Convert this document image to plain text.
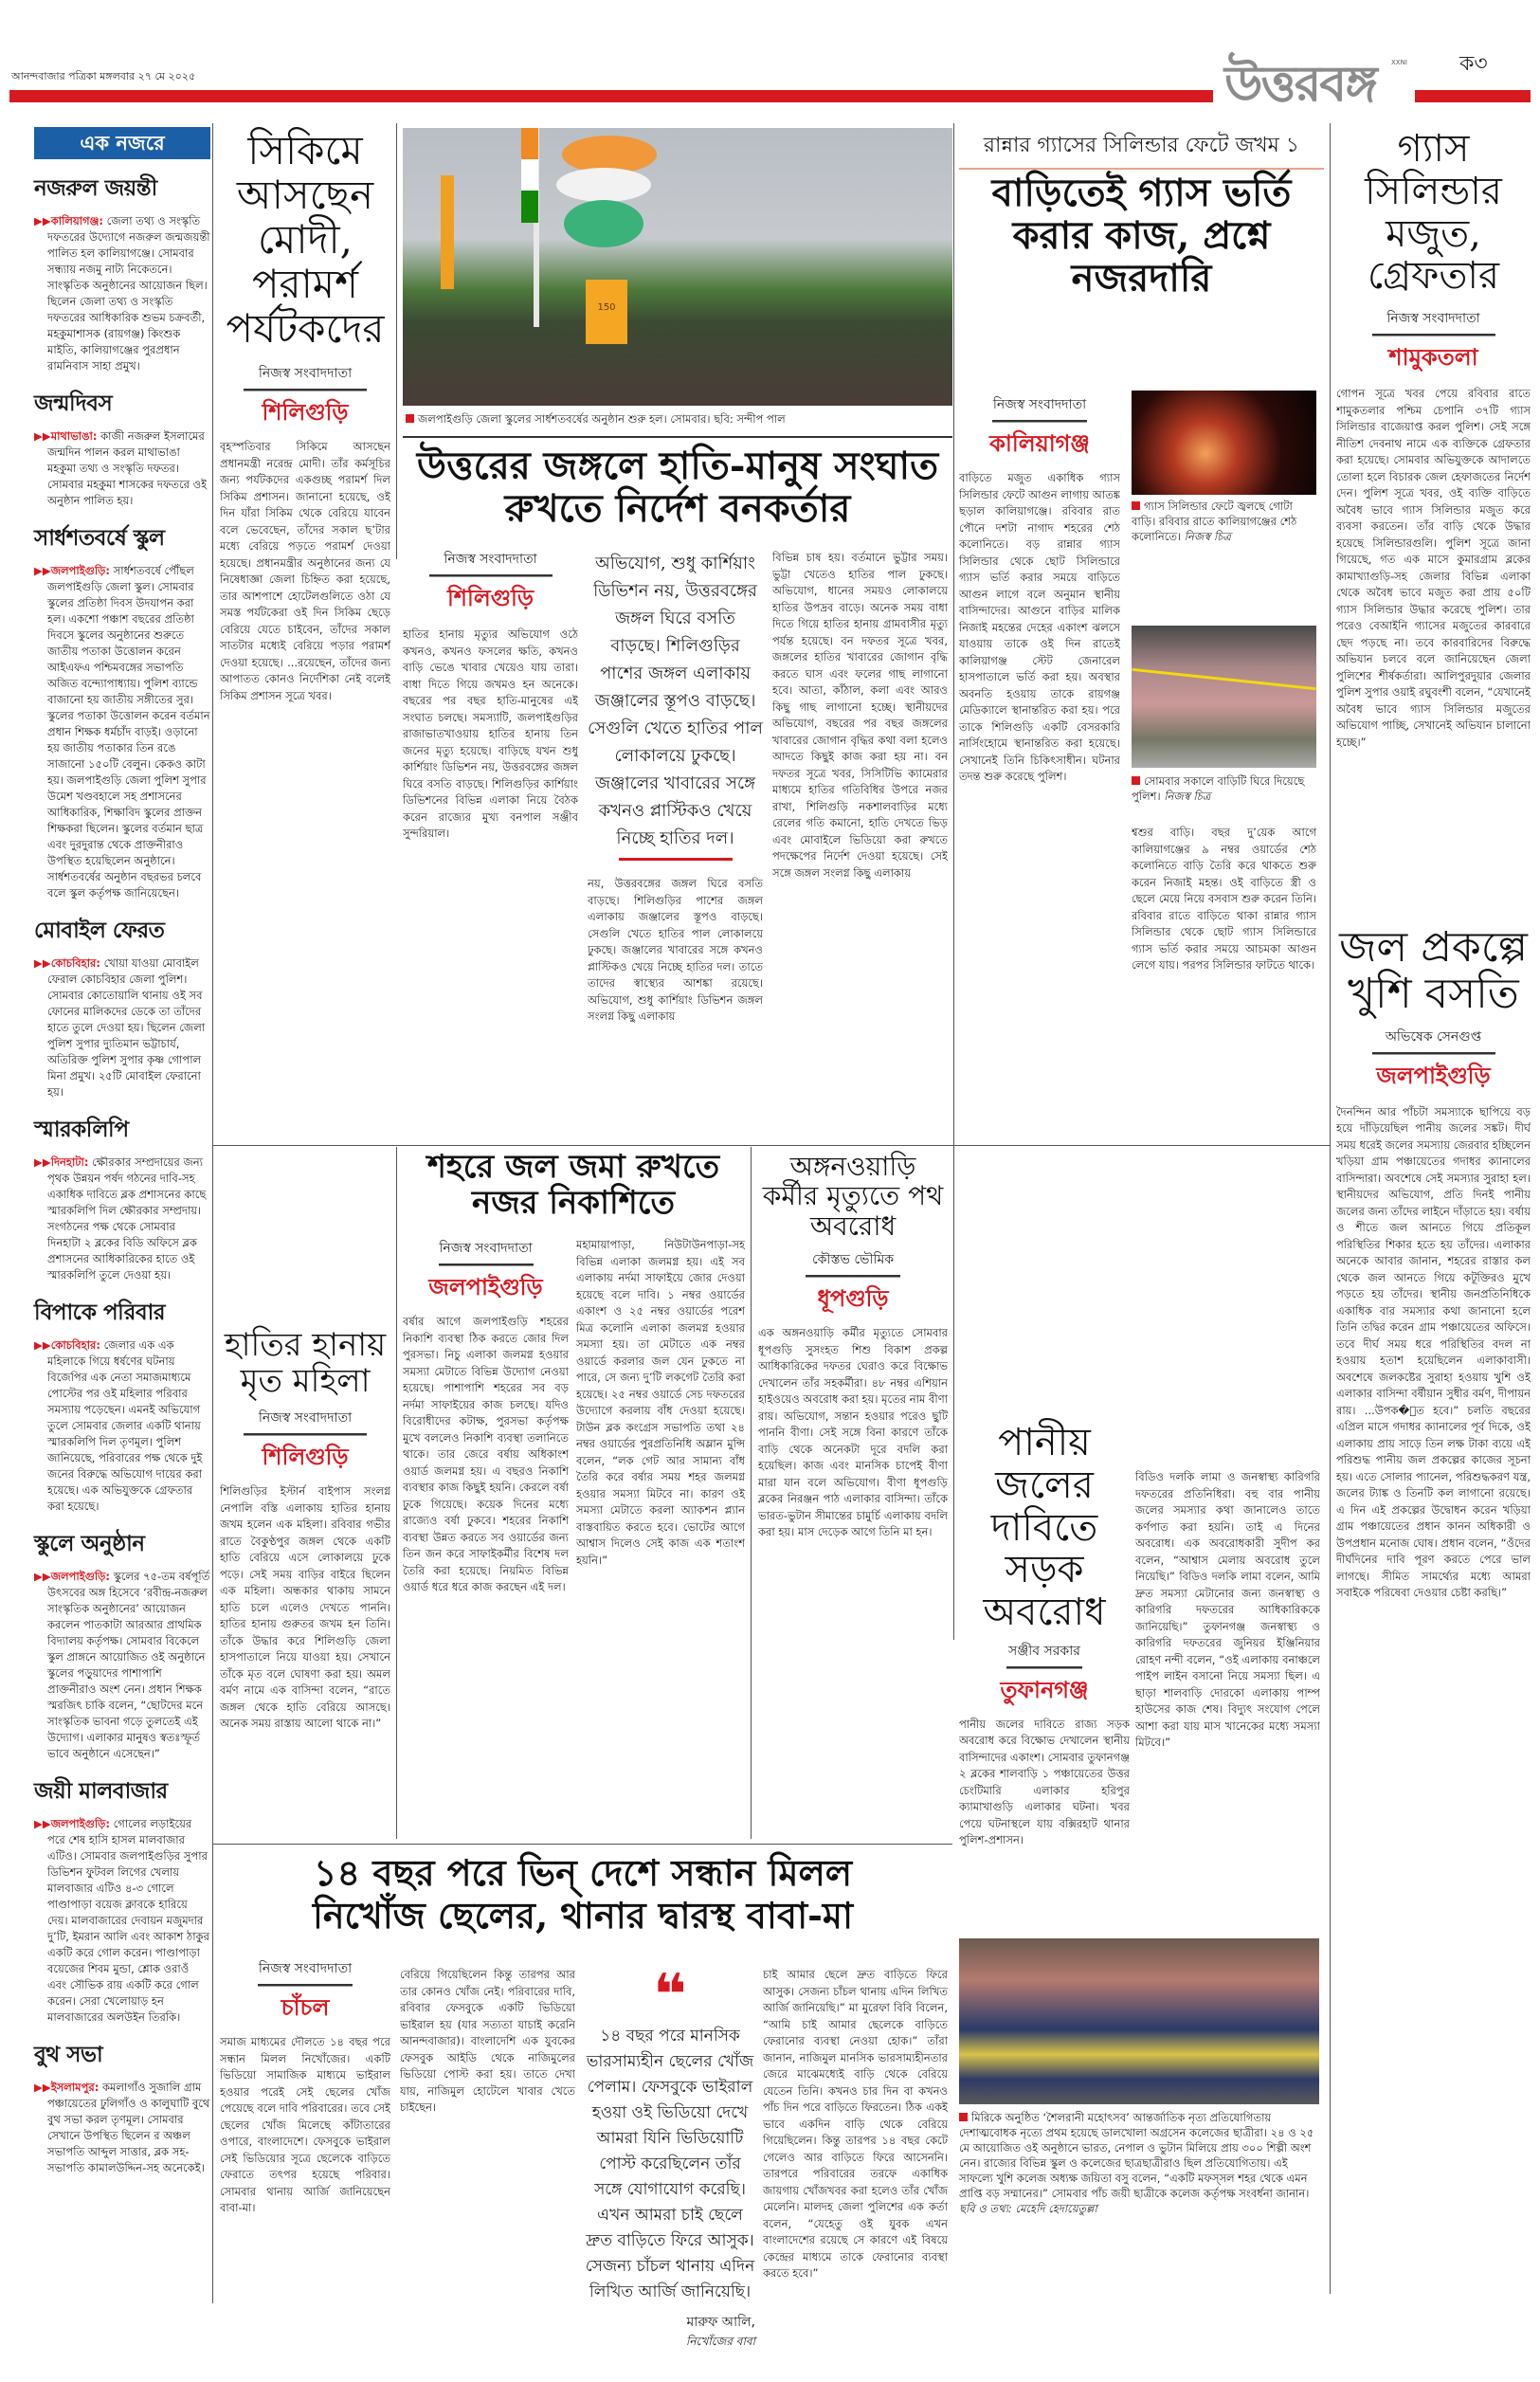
আনন্দবাজার পত্রিকা মঙ্গলবার ২৭ মে ২০২৫	উত্তরবঙ্গ XXNI	ক৩
এক নজরে
নজরুল জয়ন্তী

▶▶কালিয়াগঞ্জ: জেলা তথ্য ও সংস্কৃতি দফতরের উদ্যোগে নজরুল জন্মজয়ন্তী পালিত হল কালিয়াগঞ্জে। সোমবার সন্ধ্যায় নজমু নাট্য নিকেতনে। সাংস্কৃতিক অনুষ্ঠানের আয়োজন ছিল। ছিলেন জেলা তথ্য ও সংস্কৃতি দফতরের আধিকারিক শুভম চক্রবর্তী, মহকুমাশাসক (রায়গঞ্জ) কিংশুক মাইতি, কালিয়াগঞ্জের পুরপ্রধান রামনিবাস সাহা প্রমুখ।

জন্মদিবস

▶▶মাথাভাঙা: কাজী নজরুল ইসলামের জন্মদিন পালন করল মাথাভাঙা মহকুমা তথ্য ও সংস্কৃতি দফতর। সোমবার মহকুমা শাসকের দফতরে ওই অনুষ্ঠান পালিত হয়।

সার্ধশতবর্ষে স্কুল

▶▶জলপাইগুড়ি: সার্ধশতবর্ষে পৌঁছল জলপাইগুড়ি জেলা স্কুল। সোমবার স্কুলের প্রতিষ্ঠা দিবস উদযাপন করা হল। একশো পঞ্চাশ বছরের প্রতিষ্ঠা দিবসে স্কুলের অনুষ্ঠানের শুরুতে জাতীয় পতাকা উত্তোলন করেন আইএফএ পশ্চিমবঙ্গের সভাপতি অজিত বন্দ্যোপাধ্যায়। পুলিশ ব্যান্ডে বাজানো হয় জাতীয় সঙ্গীতের সুর। স্কুলের পতাকা উত্তোলন করেন বর্তমান প্রধান শিক্ষক ধর্মচাঁদ বাড়ই। ওড়ানো হয় জাতীয় পতাকার তিন রঙে সাজানো ১৫০টি বেলুন। কেকও কাটা হয়। জলপাইগুড়ি জেলা পুলিশ সুপার উমেশ খণ্ডবহালে সহ প্রশাসনের আধিকারিক, শিক্ষাবিদ স্কুলের প্রাক্তন শিক্ষকরা ছিলেন। স্কুলের বর্তমান ছাত্র এবং দুরদুরান্ত থেকে প্রাক্তনীরাও উপস্থিত হয়েছিলেন অনুষ্ঠানে। সার্ধশতবর্ষের অনুষ্ঠান বছরভর চলবে বলে স্কুল কর্তৃপক্ষ জানিয়েছেন।

মোবাইল ফেরত

▶▶কোচবিহার: খোয়া যাওয়া মোবাইল ফেরাল কোচবিহার জেলা পুলিশ। সোমবার কোতোয়ালি থানায় ওই সব ফোনের মালিকদের ডেকে তা তাঁদের হাতে তুলে দেওয়া হয়। ছিলেন জেলা পুলিশ সুপার দ্যুতিমান ভট্টাচার্য, অতিরিক্ত পুলিশ সুপার কৃষ্ণ গোপাল মিনা প্রমুখ। ২৫টি মোবাইল ফেরানো হয়।

স্মারকলিপি

▶▶দিনহাটা: ক্ষৌরকার সম্প্রদায়ের জন্য পৃথক উন্নয়ন পর্ষদ গঠনের দাবি-সহ একাধিক দাবিতে ব্লক প্রশাসনের কাছে স্মারকলিপি দিল ক্ষৌরকার সম্প্রদায়। সংগঠনের পক্ষ থেকে সোমবার দিনহাটা ২ ব্লকের বিডি অফিসে ব্লক প্রশাসনের আধিকারিকের হাতে ওই স্মারকলিপি তুলে দেওয়া হয়।

বিপাকে পরিবার

▶▶কোচবিহার: জেলার এক এক মহিলাকে গিয়ে ধর্ষণের ঘটনায় বিজেপির এক নেতা সমাজমাধ্যমে পোস্টের পর ওই মহিলার পরিবার সমস্যায় পড়েছেন। এমনই অভিযোগ তুলে সোমবার জেলার একটি থানায় স্মারকলিপি দিল তৃণমূল। পুলিশ জানিয়েছে, পরিবারের পক্ষ থেকে দুই জনের বিরুদ্ধে অভিযোগ দায়ের করা হয়েছে। এক অভিযুক্তকে গ্রেফতার করা হয়েছে।

স্কুলে অনুষ্ঠান

▶▶জলপাইগুড়ি: স্কুলের ৭৫-তম বর্ষপূর্তি উৎসবের অঙ্গ হিসেবে ‘রবীন্দ্র-নজরুল সাংস্কৃতিক অনুষ্ঠানের’ আয়োজন করলেন পাতকাটা আরআর প্রাথমিক বিদ্যালয় কর্তৃপক্ষ। সোমবার বিকেলে স্কুল প্রাঙ্গনে আয়োজিত ওই অনুষ্ঠানে স্কুলের পড়ুয়াদের পাশাপাশি প্রাক্তনীরাও অংশ নেন। প্রধান শিক্ষক স্মরজিৎ চাকি বলেন, “ছোটদের মনে সাংস্কৃতিক ভাবনা গড়ে তুলতেই এই উদ্যোগ। এলাকার মানুষও স্বতঃস্ফূর্ত ভাবে অনুষ্ঠানে এসেছেন।”

জয়ী মালবাজার

▶▶জলপাইগুড়ি: গোলের লড়াইয়ের পরে শেষ হাসি হাসল মালবাজার এটিও। সোমবার জলপাইগুড়ির সুপার ডিভিশন ফুটবল লিগের খেলায় মালবাজার এটিও ৪-৩ গোলে পাণ্ডাপাড়া বয়েজ ক্লাবকে হারিয়ে দেয়। মালবাজারের দেবায়ন মজুমদার দু’টি, ইমরান আলি এবং আকাশ ঠাকুর একটি করে গোল করেন। পাণ্ডাপাড়া বয়েজের শিবম মুন্ডা, শ্লোক ওরাওঁ এবং সৌভিক রায় একটি করে গোল করেন। সেরা খেলোয়াড় হন মালবাজারের অলউইন তিরকি।

বুথ সভা

▶▶ইসলামপুর: কমলাগাঁও সুজালি গ্রাম পঞ্চায়েতের ঢুলিগাঁও ও কালুঘাটি বুথে বুথ সভা করল তৃণমূল। সোমবার সেখানে উপস্থিত ছিলেন র অঞ্চল সভাপতি আব্দুল সাত্তার, ব্লক সহ-সভাপতি কামালউদ্দিন-সহ অনেকেই।

সিকিমে আসছেন মোদী, পরামর্শ পর্যটকদের
নিজস্ব সংবাদদাতা
শিলিগুড়ি
বৃহস্পতিবার সিকিমে আসছেন প্রধানমন্ত্রী নরেন্দ্র মোদী। তাঁর কর্মসূচির জন্য পর্যটকদের একগুচ্ছ পরামর্শ দিল সিকিম প্রশাসন। জানানো হয়েছে, ওই দিন যাঁরা সিকিম থেকে বেরিয়ে যাবেন বলে ভেবেছেন, তাঁদের সকাল ছ’টার মধ্যে বেরিয়ে পড়তে পরামর্শ দেওয়া হয়েছে। প্রধানমন্ত্রীর অনুষ্ঠানের জন্য যে নিষেধাজ্ঞা জেলা চিহ্নিত করা হয়েছে, তার আশপাশে হোটেলগুলিতে ওঠা যে সমস্ত পর্যটকেরা ওই দিন সিকিম ছেড়ে বেরিয়ে যেতে চাইবেন, তাঁদের সকাল সাতটার মধ্যেই বেরিয়ে পড়ার পরামর্শ দেওয়া হয়েছে। ...রয়েছেন, তাঁদের জন্য আপাতত কোনও নির্দেশিকা নেই বলেই সিকিম প্রশাসন সূত্রে খবর।
150
জলপাইগুড়ি জেলা স্কুলের সার্ধশতবর্ষের অনুষ্ঠান শুরু হল। সোমবার। ছবি: সন্দীপ পাল
উত্তরের জঙ্গলে হাতি-মানুষ সংঘাত রুখতে নির্দেশ বনকর্তার
নিজস্ব সংবাদদাতা
শিলিগুড়ি
হাতির হানায় মৃত্যুর অভিযোগ ওঠে কখনও, কখনও ফসলের ক্ষতি, কখনও বাড়ি ভেঙে খাবার খেয়েও যায় তারা। বাধা দিতে গিয়ে জখমও হন অনেকে। বছরের পর বছর হাতি-মানুষের এই সংঘাত চলছে। সমস্যাটি, জলপাইগুড়ির রাজাভাতখাওয়ায় হাতির হানায় তিন জনের মৃত্যু হয়েছে। বাড়িছে যখন শুধু কার্শিয়াং ডিভিশন নয়, উত্তরবঙ্গের জঙ্গল ঘিরে বসতি বাড়ছে। শিলিগুড়ির কার্শিয়াং ডিভিশনের বিভিন্ন এলাকা নিয়ে বৈঠক করেন রাজ্যের মুখ্য বনপাল সঞ্জীব সুন্দরিয়াল।
অভিযোগ, শুধু কার্শিয়াং ডিভিশন নয়, উত্তরবঙ্গের জঙ্গল ঘিরে বসতি বাড়ছে। শিলিগুড়ির পাশের জঙ্গল এলাকায় জঞ্জালের স্তূপও বাড়ছে। সেগুলি খেতে হাতির পাল লোকালয়ে ঢুকছে। জঞ্জালের খাবারের সঙ্গে কখনও প্লাস্টিকও খেয়ে নিচ্ছে হাতির দল।
নয়, উত্তরবঙ্গের জঙ্গল ঘিরে বসতি বাড়ছে। শিলিগুড়ির পাশের জঙ্গল এলাকায় জঞ্জালের স্তূপও বাড়ছে। সেগুলি খেতে হাতির পাল লোকালয়ে ঢুকছে। জঞ্জালের খাবারের সঙ্গে কখনও প্লাস্টিকও খেয়ে নিচ্ছে হাতির দল। তাতে তাদের স্বাস্থ্যের আশঙ্কা রয়েছে। অভিযোগ, শুধু কার্শিয়াং ডিভিশন জঙ্গল সংলগ্ন কিছু এলাকায়
বিভিন্ন চাষ হয়। বর্তমানে ভুট্টার সময়। ভুট্টা খেতেও হাতির পাল ঢুকছে। অভিযোগ, ধানের সময়ও লোকালয়ে হাতির উপদ্রব বাড়ে। অনেক সময় বাধা দিতে গিয়ে হাতির হানায় গ্রামবাসীর মৃত্যু পর্যন্ত হয়েছে। বন দফতর সূত্রে খবর, জঙ্গলের হাতির খাবারের জোগান বৃদ্ধি করতে ঘাস এবং ফলের গাছ লাগানো হবে। আতা, কাঁঠাল, কলা এবং আরও কিছু গাছ লাগানো হচ্ছে। স্থানীয়দের অভিযোগ, বছরের পর বছর জঙ্গলের খাবারের জোগান বৃদ্ধির কথা বলা হলেও আদতে কিছুই কাজ করা হয় না। বন দফতর সূত্রে খবর, সিসিটিভি ক্যামেরার মাধ্যমে হাতির গতিবিধির উপরে নজর রাখা, শিলিগুড়ি নকশালবাড়ির মধ্যে রেলের গতি কমানো, হাতি দেখতে ভিড় এবং মোবাইলে ভিডিয়ো করা রুখতে পদক্ষেপের নির্দেশ দেওয়া হয়েছে। সেই সঙ্গে জঙ্গল সংলগ্ন কিছু এলাকায়
রান্নার গ্যাসের সিলিন্ডার ফেটে জখম ১
বাড়িতেই গ্যাস ভর্তি করার কাজ, প্রশ্নে নজরদারি
নিজস্ব সংবাদদাতা
কালিয়াগঞ্জ
বাড়িতে মজুত একাধিক গ্যাস সিলিন্ডার ফেটে আগুন লাগায় আতঙ্ক ছড়াল কালিয়াগঞ্জে। রবিবার রাত পৌনে দশটা নাগাদ শহরের শেঠ কলোনিতে। বড় রান্নার গ্যাস সিলিন্ডার থেকে ছোট সিলিন্ডারে গ্যাস ভর্তি করার সময়ে বাড়িতে আগুন লাগে বলে অনুমান স্থানীয় বাসিন্দাদের। আগুনে বাড়ির মালিক নিজাই মহন্তের দেহের একাংশ ঝলসে যাওয়ায় তাকে ওই দিন রাতেই কালিয়াগঞ্জ স্টেট জেনারেল হাসপাতালে ভর্তি করা হয়। অবস্থার অবনতি হওয়ায় তাকে রায়গঞ্জ মেডিক্যালে স্থানান্তরিত করা হয়। পরে তাকে শিলিগুড়ি একটি বেসরকারি নার্সিংহোমে স্থানান্তরিত করা হয়েছে। সেখানেই তিনি চিকিৎসাধীন। ঘটনার তদন্ত শুরু করেছে পুলিশ।
গ্যাস সিলিন্ডার ফেটে জ্বলছে গোটা বাড়ি। রবিবার রাতে কালিয়াগঞ্জের শেঠ কলোনিতে। নিজস্ব চিত্র
সোমবার সকালে বাড়িটি ঘিরে দিয়েছে পুলিশ। নিজস্ব চিত্র
শ্বশুর বাড়ি। বছর দু’য়েক আগে কালিয়াগঞ্জের ৯ নম্বর ওয়ার্ডের শেঠ কলোনিতে বাড়ি তৈরি করে থাকতে শুরু করেন নিজাই মহন্ত। ওই বাড়িতে স্ত্রী ও ছেলে মেয়ে নিয়ে বসবাস শুরু করেন তিনি। রবিবার রাতে বাড়িতে থাকা রান্নার গ্যাস সিলিন্ডার থেকে ছোট গ্যাস সিলিন্ডারে গ্যাস ভর্তি করার সময়ে আচমকা আগুন লেগে যায়। পরপর সিলিন্ডার ফাটতে থাকে।
গ্যাস সিলিন্ডার মজুত, গ্রেফতার
নিজস্ব সংবাদদাতা
শামুকতলা
গোপন সূত্রে খবর পেয়ে রবিবার রাতে শামুকতলার পশ্চিম চেপানি ৩৭টি গ্যাস সিলিন্ডার বাজেয়াপ্ত করল পুলিশ। সেই সঙ্গে নীতিশ দেবনাথ নামে এক ব্যক্তিকে গ্রেফতার করা হয়েছে। সোমবার অভিযুক্তকে আদালতে তোলা হলে বিচারক জেল হেফাজতের নির্দেশ দেন। পুলিশ সূত্রে খবর, ওই ব্যক্তি বাড়িতে অবৈধ ভাবে গ্যাস সিলিন্ডার মজুত করে ব্যবসা করতেন। তাঁর বাড়ি থেকে উদ্ধার হয়েছে সিলিন্ডারগুলি। পুলিশ সূত্রে জানা গিয়েছে, গত এক মাসে কুমারগ্রাম ব্লকের কামাখ্যাগুড়ি-সহ জেলার বিভিন্ন এলাকা থেকে অবৈধ ভাবে মজুত করা প্রায় ৫০টি গ্যাস সিলিন্ডার উদ্ধার করেছে পুলিশ। তার পরেও বেআইনি গ্যাসের মজুতের কারবারে ছেদ পড়ছে না। তবে কারবারিদের বিরুদ্ধে অভিযান চলবে বলে জানিয়েছেন জেলা পুলিশের শীর্ষকর্তারা। আলিপুরদুয়ার জেলার পুলিশ সুপার ওয়াই রঘুবংশী বলেন, “যেখানেই অবৈধ ভাবে গ্যাস সিলিন্ডার মজুতের অভিযোগ পাচ্ছি, সেখানেই অভিযান চালানো হচ্ছে।”
জল প্রকল্পে খুশি বসতি
অভিষেক সেনগুপ্ত
জলপাইগুড়ি
দৈনন্দিন আর পাঁচটা সমস্যাকে ছাপিয়ে বড় হয়ে দাঁড়িয়েছিল পানীয় জলের সঙ্কট। দীর্ঘ সময় ধরেই জলের সমস্যায় জেরবার হচ্ছিলেন খড়িয়া গ্রাম পঞ্চায়েতের গদাধর ক্যানালের বাসিন্দারা। অবশেষে সেই সমস্যার সুরাহা হল। স্থানীয়দের অভিযোগ, প্রতি দিনই পানীয় জলের জন্য তাঁদের লাইনে দাঁড়াতে হয়। বর্ষায় ও শীতে জল আনতে গিয়ে প্রতিকূল পরিস্থিতির শিকার হতে হয় তাঁদের। এলাকার অনেকে আবার জানান, শহরের রাস্তার কল থেকে জল আনতে গিয়ে কটূক্তিরও মুখে পড়তে হয় তাঁদের। স্থানীয় জনপ্রতিনিধিকে একাধিক বার সমস্যার কথা জানানো হলে তিনি তদ্বির করেন গ্রাম পঞ্চায়েতের অফিসে। তবে দীর্ঘ সময় ধরে পরিস্থিতির বদল না হওয়ায় হতাশ হয়েছিলেন এলাকাবাসী। অবশেষে জলকষ্টের সুরাহা হওয়ায় খুশি ওই এলাকার বাসিন্দা বর্ষীয়ান সুধীর বর্মণ, দীপায়ন রায়। ...উপক�ৃত হবে।” চলতি বছরের এপ্রিল মাসে গদাধর ক্যানালের পূর্ব দিকে, ওই এলাকায় প্রায় সাড়ে তিন লক্ষ টাকা ব্যয়ে এই পরিশুদ্ধ পানীয় জল প্রকল্পের কাজের সূচনা হয়। এতে সোলার প্যানেল, পরিশুদ্ধকরণ যন্ত্র, জলের ট্যাঙ্ক ও তিনটি কল লাগানো রয়েছে। এ দিন এই প্রকল্পের উদ্বোধন করেন খড়িয়া গ্রাম পঞ্চায়েতের প্রধান কানন অধিকারী ও উপপ্রধান মনোজ ঘোষ। প্রধান বলেন, “ওঁদের দীর্ঘদিনের দাবি পূরণ করতে পেরে ভাল লাগছে। সীমিত সামর্থ্যের মধ্যে আমরা সবাইকে পরিষেবা দেওয়ার চেষ্টা করছি।”
হাতির হানায় মৃত মহিলা
নিজস্ব সংবাদদাতা
শিলিগুড়ি
শিলিগুড়ির ইস্টার্ন বাইপাস সংলগ্ন নেপালি বস্তি এলাকায় হাতির হানায় জখম হলেন এক মহিলা। রবিবার গভীর রাতে বৈকুণ্ঠপুর জঙ্গল থেকে একটি হাতি বেরিয়ে এসে লোকালয়ে ঢুকে পড়ে। সেই সময় বাড়ির বাইরে ছিলেন এক মহিলা। অন্ধকার থাকায় সামনে হাতি চলে এলেও দেখতে পাননি। হাতির হানায় গুরুতর জখম হন তিনি। তাঁকে উদ্ধার করে শিলিগুড়ি জেলা হাসপাতালে নিয়ে যাওয়া হয়। সেখানে তাঁকে মৃত বলে ঘোষণা করা হয়। অমল বর্মণ নামে এক বাসিন্দা বলেন, “রাতে জঙ্গল থেকে হাতি বেরিয়ে আসছে। অনেক সময় রাস্তায় আলো থাকে না।”
শহরে জল জমা রুখতে নজর নিকাশিতে
নিজস্ব সংবাদদাতা
জলপাইগুড়ি
বর্ষার আগে জলপাইগুড়ি শহরের নিকাশি ব্যবস্থা ঠিক করতে জোর দিল পুরসভা। নিচু এলাকা জলমগ্ন হওয়ার সমস্যা মেটাতে বিভিন্ন উদ্যোগ নেওয়া হয়েছে। পাশাপাশি শহরের সব বড় নর্দমা সাফাইয়ের কাজ চলছে। যদিও বিরোধীদের কটাক্ষ, পুরসভা কর্তৃপক্ষ মুখে বললেও নিকাশি ব্যবস্থা তলানিতে থাকে। তার জেরে বর্ষায় অধিকাংশ ওয়ার্ড জলমগ্ন হয়। এ বছরও নিকাশি ব্যবস্থার কাজ কিছুই হয়নি। কেরলে বর্ষা ঢুকে গিয়েছে। কয়েক দিনের মধ্যে রাজ্যেও বর্ষা ঢুকবে। শহরের নিকাশি ব্যবস্থা উন্নত করতে সব ওয়ার্ডের জন্য তিন জন করে সাফাইকর্মীর বিশেষ দল তৈরি করা হয়েছে। নিয়মিত বিভিন্ন ওয়ার্ড ধরে ধরে কাজ করছেন এই দল।
মহামায়াপাড়া, নিউটাউনপাড়া-সহ বিভিন্ন এলাকা জলমগ্ন হয়। এই সব এলাকায় নর্দমা সাফাইয়ে জোর দেওয়া হয়েছে বলে দাবি। ১ নম্বর ওয়ার্ডের একাংশ ও ২৫ নম্বর ওয়ার্ডের পরেশ মিত্র কলোনি এলাকা জলমগ্ন হওয়ার সমস্যা হয়। তা মেটাতে এক নম্বর ওয়ার্ডে করলার জল যেন ঢুকতে না পারে, সে জন্য দু’টি লকগেট তৈরি করা হয়েছে। ২৫ নম্বর ওয়ার্ডে সেচ দফতরের উদ্যোগে করলায় বাঁধ দেওয়া হয়েছে। টাউন ব্লক কংগ্রেস সভাপতি তথা ২৪ নম্বর ওয়ার্ডের পুরপ্রতিনিধি অম্লান মুন্সি বলেন, “লক গেট আর সামান্য বাঁধ তৈরি করে বর্ষার সময় শহর জলমগ্ন হওয়ার সমস্যা মিটবে না। কারণ ওই সমস্যা মেটাতে করলা অ্যাকশন প্ল্যান বাস্তবায়িত করতে হবে। ভোটের আগে আশ্বাস দিলেও সেই কাজ এক শতাংশ হয়নি।”
অঙ্গনওয়াড়ি কর্মীর মৃত্যুতে পথ অবরোধ
কৌস্তভ ভৌমিক
ধূপগুড়ি
এক অঙ্গনওয়াড়ি কর্মীর মৃত্যুতে সোমবার ধূপগুড়ি সুসংহত শিশু বিকাশ প্রকল্প আধিকারিকের দফতর ঘেরাও করে বিক্ষোভ দেখালেন তাঁর সহকর্মীরা। ৪৮ নম্বর এশিয়ান হাইওয়েও অবরোধ করা হয়। মৃতের নাম বীণা রায়। অভিযোগ, সন্তান হওয়ার পরেও ছুটি পাননি বীণা। সেই সঙ্গে বিনা কারণে তাঁকে বাড়ি থেকে অনেকটা দূরে বদলি করা হয়েছিল। কাজ এবং মানসিক চাপেই বীণা মারা যান বলে অভিযোগ। বীণা ধূপগুড়ি ব্লকের নিরঞ্জন পাঠ এলাকার বাসিন্দা। তাঁকে ভারত-ভুটান সীমান্তের চামুর্চি এলাকায় বদলি করা হয়। মাস দেড়েক আগে তিনি মা হন।
পানীয় জলের দাবিতে সড়ক অবরোধ
সঞ্জীব সরকার
তুফানগঞ্জ
পানীয় জলের দাবিতে রাজ্য সড়ক অবরোধ করে বিক্ষোভ দেখালেন স্থানীয় বাসিন্দাদের একাংশ। সোমবার তুফানগঞ্জ ২ ব্লকের শালবাড়ি ১ পঞ্চায়েতের উত্তর চেংটিমারি এলাকার হরিপুর ক্যামাখাগুড়ি এলাকার ঘটনা। খবর পেয়ে ঘটনাস্থলে যায় বক্সিরহাট থানার পুলিশ-প্রশাসন।
বিডিও দলকি লামা ও জনস্বাস্থ্য কারিগরি দফতরের প্রতিনিধিরা। বহু বার পানীয় জলের সমস্যার কথা জানালেও তাতে কর্ণপাত করা হয়নি। তাই এ দিনের অবরোধ। এক অবরোধকারী সুদীপ কর বলেন, “আশ্বাস মেলায় অবরোধ তুলে নিয়েছি।” বিডিও দলকি লামা বলেন, আমি দ্রুত সমস্যা মেটানোর জন্য জনস্বাস্থ্য ও কারিগরি দফতরের আধিকারিককে জানিয়েছি।” তুফানগঞ্জ জনস্বাস্থ্য ও কারিগরি দফতরের জুনিয়র ইঞ্জিনিয়ার রোহণ নন্দী বলেন, “ওই এলাকায় বনাঞ্চলে পাইপ লাইন বসানো নিয়ে সমস্যা ছিল। এ ছাড়া শালবাড়ি দোরকো এলাকায় পাম্প হাউসের কাজ শেষ। বিদ্যুৎ সংযোগ পেলে আশা করা যায় মাস খানেকের মধ্যে সমস্যা মিটবে।”
১৪ বছর পরে ভিন্ দেশে সন্ধান মিলল
নিখোঁজ ছেলের, থানার দ্বারস্থ বাবা-মা
নিজস্ব সংবাদদাতা
চাঁচল
সমাজ মাধ্যমের দৌলতে ১৪ বছর পরে সন্ধান মিলল নিখোঁজের। একটি ভিডিয়ো সামাজিক মাধ্যমে ভাইরাল হওয়ার পরেই সেই ছেলের খোঁজ পেয়েছে বলে দাবি পরিবারের। তবে সেই ছেলের খোঁজ মিলেছে কাঁটাতারের ওপারে, বাংলাদেশে। ফেসবুকে ভাইরাল সেই ভিডিয়োর সূত্রে ছেলেকে বাড়িতে ফেরাতে তৎপর হয়েছে পরিবার। সোমবার থানায় আর্জি জানিয়েছেন বাবা-মা।
বেরিয়ে গিয়েছিলেন কিন্তু তারপর আর তার কোনও খোঁজ নেই। পরিবারের দাবি, রবিবার ফেসবুকে একটি ভিডিয়ো ভাইরাল হয় (যার সত্যতা যাচাই করেনি আনন্দবাজার)। বাংলাদেশি এক যুবকের ফেসবুক আইডি থেকে নাজিমুলের ভিডিয়ো পোস্ট করা হয়। তাতে দেখা যায়, নাজিমুল হোটেলে খাবার খেতে চাইছেন।
❝
১৪ বছর পরে মানসিক ভারসাম্যহীন ছেলের খোঁজ পেলাম। ফেসবুকে ভাইরাল হওয়া ওই ভিডিয়ো দেখে আমরা যিনি ভিডিয়োটি পোস্ট করেছিলেন তাঁর সঙ্গে যোগাযোগ করেছি। এখন আমরা চাই ছেলে দ্রুত বাড়িতে ফিরে আসুক। সেজন্য চাঁচল থানায় এদিন লিখিত আর্জি জানিয়েছি।
মারুফ আলি,
নিখোঁজের বাবা
চাই আমার ছেলে দ্রুত বাড়িতে ফিরে আসুক। সেজন্য চাঁচল থানায় এদিন লিখিত আর্জি জানিয়েছি।” মা মুরেফা বিবি বিলেন, “আমি চাই আমার ছেলেকে বাড়িতে ফেরানোর ব্যবস্থা নেওয়া হোক।” তাঁরা জানান, নাজিমুল মানসিক ভারসাম্যহীনতার জেরে মাঝেমধ্যেই বাড়ি থেকে বেরিয়ে যেতেন তিনি। কখনও চার দিন বা কখনও পাঁচ দিন পরে বাড়িতে ফিরতেন। ঠিক একই ভাবে একদিন বাড়ি থেকে বেরিয়ে গিয়েছিলেন। কিন্তু তারপর ১৪ বছর কেটে গেলেও আর বাড়িতে ফিরে আসেননি। তারপরে পরিবারের তরফে একাধিক জায়গায় খোঁজখবর করা হলেও তাঁর খোঁজ মেলেনি। মালদহ জেলা পুলিশের এক কর্তা বলেন, “যেহেতু ওই যুবক এখন বাংলাদেশের রয়েছে সে কারণে এই বিষয়ে কেন্দ্রের মাধ্যমে তাকে ফেরানোর ব্যবস্থা করতে হবে।”
মিরিকে অনুষ্ঠিত ‘শৈলরানী মহোৎসব’ আন্তর্জাতিক নৃত্য প্রতিযোগিতায় দেশাত্মবোধক নৃত্যে প্রথম হয়েছে ডালখোলা অগ্রসেন কলেজের ছাত্রীরা। ২৪ ও ২৫ মে আয়োজিত ওই অনুষ্ঠানে ভারত, নেপাল ও ভুটান মিলিয়ে প্রায় ৩০০ শিল্পী অংশ নেন। রাজ্যের বিভিন্ন স্কুল ও কলেজের ছাত্রছাত্রীরাও ছিল প্রতিযোগিতায়। এই সাফল্যে খুশি কলেজ অধ্যক্ষ জয়িতা বসু বলেন, “একটি মফস্‌সল শহর থেকে এমন প্রাপ্তি বড় সম্মানের।” সোমবার পাঁচ জয়ী ছাত্রীকে কলেজ কর্তৃপক্ষ সংবর্ধনা জানান। ছবি ও তথ্য: মেহেদি হেদায়েতুল্লা
